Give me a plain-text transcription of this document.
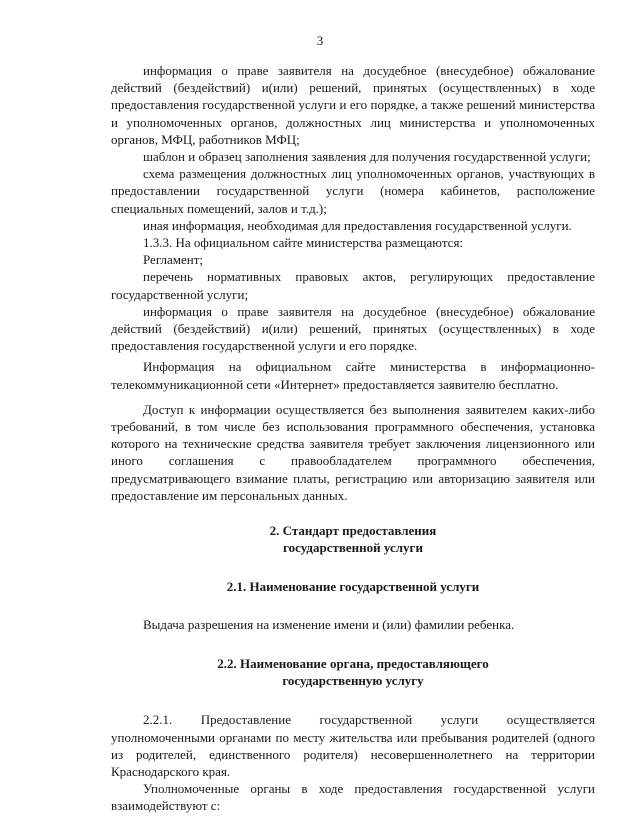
3

информация о праве заявителя на досудебное (внесудебное) обжалование действий (бездействий) и(или) решений, принятых (осуществленных) в ходе предоставления государственной услуги и его порядке, а также решений министерства и уполномоченных органов, должностных лиц министерства и уполномоченных органов, МФЦ, работников МФЦ;

шаблон и образец заполнения заявления для получения государственной услуги;

схема размещения должностных лиц уполномоченных органов, участвующих в предоставлении государственной услуги (номера кабинетов, расположение специальных помещений, залов и т.д.);

иная информация, необходимая для предоставления государственной услуги.

1.3.3. На официальном сайте министерства размещаются:

Регламент;

перечень нормативных правовых актов, регулирующих предоставление государственной услуги;

информация о праве заявителя на досудебное (внесудебное) обжалование действий (бездействий) и(или) решений, принятых (осуществленных) в ходе предоставления государственной услуги и его порядке.

Информация на официальном сайте министерства в информационно-телекоммуникационной сети «Интернет» предоставляется заявителю бесплатно.

Доступ к информации осуществляется без выполнения заявителем каких-либо требований, в том числе без использования программного обеспечения, установка которого на технические средства заявителя требует заключения лицензионного или иного соглашения с правообладателем программного обеспечения, предусматривающего взимание платы, регистрацию или авторизацию заявителя или предоставление им персональных данных.

2. Стандарт предоставления
государственной услуги
2.1. Наименование государственной услуги

Выдача разрешения на изменение имени и (или) фамилии ребенка.

2.2. Наименование органа, предоставляющего
государственную услугу

2.2.1. Предоставление государственной услуги осуществляется уполномоченными органами по месту жительства или пребывания родителей (одного из родителей, единственного родителя) несовершеннолетнего на территории Краснодарского края.

Уполномоченные органы в ходе предоставления государственной услуги взаимодействуют с:
